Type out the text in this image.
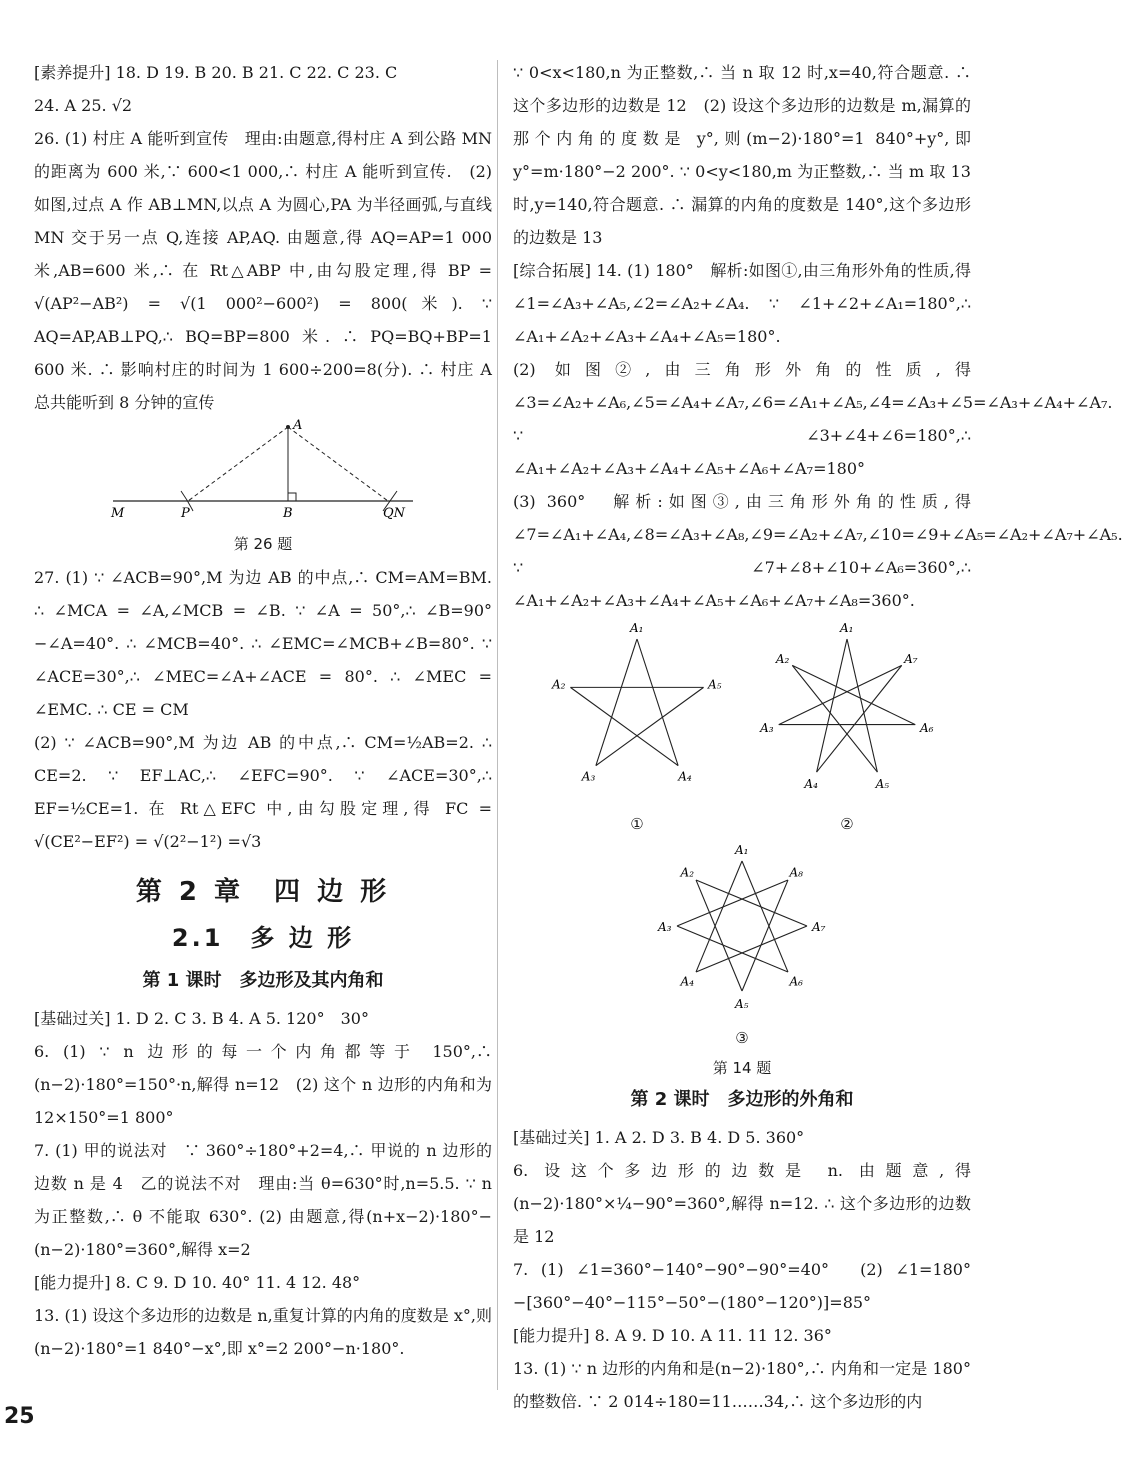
[素养提升] 18. D 19. B 20. B 21. C 22. C 23. C

24. A 25. √2

26. (1) 村庄 A 能听到宣传　理由:由题意,得村庄 A 到公路 MN 的距离为 600 米,∵ 600<1 000,∴ 村庄 A 能听到宣传.　(2) 如图,过点 A 作 AB⊥MN,以点 A 为圆心,PA 为半径画弧,与直线 MN 交于另一点 Q,连接 AP,AQ. 由题意,得 AQ=AP=1 000 米,AB=600 米,∴ 在 Rt△ABP 中,由勾股定理,得 BP = √(AP²−AB²) = √(1 000²−600²) = 800(米). ∵ AQ=AP,AB⊥PQ,∴ BQ=BP=800 米. ∴ PQ=BQ+BP=1 600 米. ∴ 影响村庄的时间为 1 600÷200=8(分). ∴ 村庄 A 总共能听到 8 分钟的宣传

A
M	P	B	QN

第 26 题

27. (1) ∵ ∠ACB=90°,M 为边 AB 的中点,∴ CM=AM=BM. ∴ ∠MCA = ∠A,∠MCB = ∠B. ∵ ∠A = 50°,∴ ∠B=90°−∠A=40°. ∴ ∠MCB=40°. ∴ ∠EMC=∠MCB+∠B=80°. ∵ ∠ACE=30°,∴ ∠MEC=∠A+∠ACE = 80°. ∴ ∠MEC = ∠EMC. ∴ CE = CM

(2) ∵ ∠ACB=90°,M 为边 AB 的中点,∴ CM=½AB=2. ∴ CE=2. ∵ EF⊥AC,∴ ∠EFC=90°. ∵ ∠ACE=30°,∴ EF=½CE=1. 在 Rt△EFC 中,由勾股定理,得 FC = √(CE²−EF²) = √(2²−1²) =√3

第 2 章　四 边 形
2.1　多 边 形
第 1 课时　多边形及其内角和

[基础过关] 1. D 2. C 3. B 4. A 5. 120°　30°

6. (1) ∵ n 边形的每一个内角都等于 150°,∴ (n−2)·180°=150°·n,解得 n=12　(2) 这个 n 边形的内角和为 12×150°=1 800°

7. (1) 甲的说法对　∵ 360°÷180°+2=4,∴ 甲说的 n 边形的边数 n 是 4　乙的说法不对　理由:当 θ=630°时,n=5.5. ∵ n 为正整数,∴ θ 不能取 630°. (2) 由题意,得(n+x−2)·180°−(n−2)·180°=360°,解得 x=2

[能力提升] 8. C 9. D 10. 40° 11. 4 12. 48°

13. (1) 设这个多边形的边数是 n,重复计算的内角的度数是 x°,则(n−2)·180°=1 840°−x°,即 x°=2 200°−n·180°.

∵ 0<x<180,n 为正整数,∴ 当 n 取 12 时,x=40,符合题意. ∴ 这个多边形的边数是 12　(2) 设这个多边形的边数是 m,漏算的那个内角的度数是 y°,则(m−2)·180°=1 840°+y°,即 y°=m·180°−2 200°. ∵ 0<y<180,m 为正整数,∴ 当 m 取 13 时,y=140,符合题意. ∴ 漏算的内角的度数是 140°,这个多边形的边数是 13

[综合拓展] 14. (1) 180°　解析:如图①,由三角形外角的性质,得∠1=∠A₃+∠A₅,∠2=∠A₂+∠A₄. ∵ ∠1+∠2+∠A₁=180°,∴ ∠A₁+∠A₂+∠A₃+∠A₄+∠A₅=180°.

(2) 如图②,由三角形外角的性质,得∠3=∠A₂+∠A₆,∠5=∠A₄+∠A₇,∠6=∠A₁+∠A₅,∠4=∠A₃+∠5=∠A₃+∠A₄+∠A₇. ∵ ∠3+∠4+∠6=180°,∴ ∠A₁+∠A₂+∠A₃+∠A₄+∠A₅+∠A₆+∠A₇=180°

(3) 360°　解析:如图③,由三角形外角的性质,得∠7=∠A₁+∠A₄,∠8=∠A₃+∠A₈,∠9=∠A₂+∠A₇,∠10=∠9+∠A₅=∠A₂+∠A₇+∠A₅. ∵ ∠7+∠8+∠10+∠A₆=360°,∴ ∠A₁+∠A₂+∠A₃+∠A₄+∠A₅+∠A₆+∠A₇+∠A₈=360°.

A₁
A₂
A₃	A₄
A₅
①
A₁
A₂
A₃
A₄	A₅
A₆
A₇
②
A₁
A₂
A₃
A₄
A₅
A₆
A₇
A₈
③

第 14 题

第 2 课时　多边形的外角和

[基础过关] 1. A 2. D 3. B 4. D 5. 360°

6. 设这个多边形的边数是 n. 由题意,得(n−2)·180°×¼−90°=360°,解得 n=12. ∴ 这个多边形的边数是 12

7. (1) ∠1=360°−140°−90°−90°=40°　(2) ∠1=180°−[360°−40°−115°−50°−(180°−120°)]=85°

[能力提升] 8. A 9. D 10. A 11. 11 12. 36°

13. (1) ∵ n 边形的内角和是(n−2)·180°,∴ 内角和一定是 180°的整数倍. ∵ 2 014÷180=11……34,∴ 这个多边形的内

25
